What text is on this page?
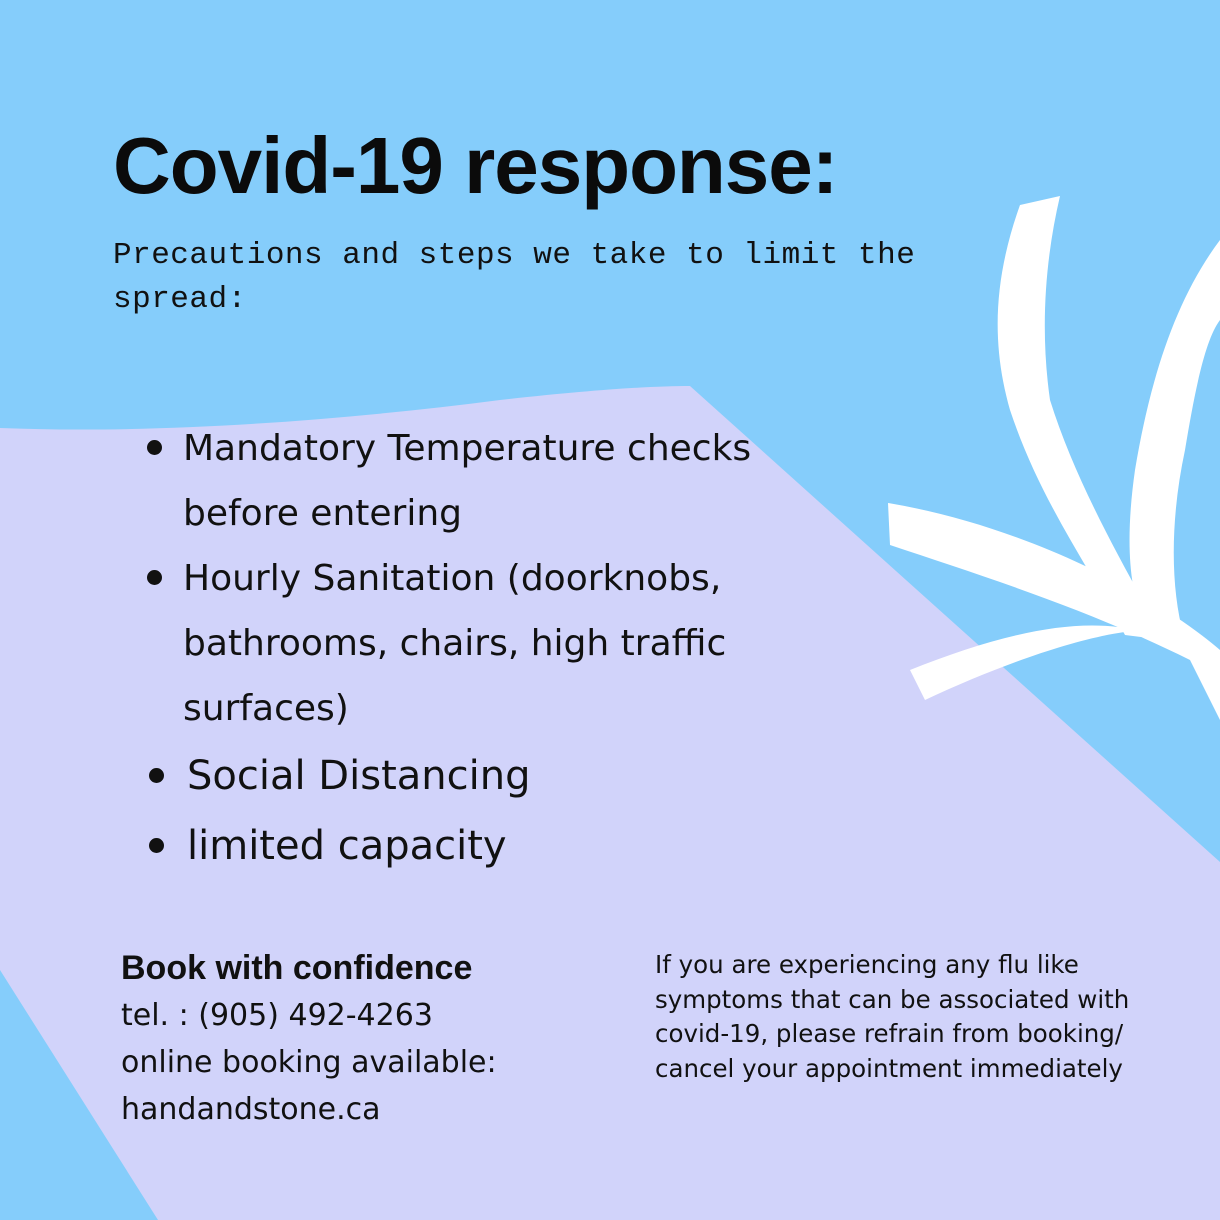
Covid-19 response:

Precautions and steps we take to limit the spread:

Mandatory Temperature checks before entering
Hourly Sanitation (doorknobs, bathrooms, chairs, high traffic surfaces)
Social Distancing
limited capacity

Book with confidence

tel. : (905) 492-4263

online booking available:

handandstone.ca

If you are experiencing any flu like symptoms that can be associated with covid-19, please refrain from booking/ cancel your appointment immediately
